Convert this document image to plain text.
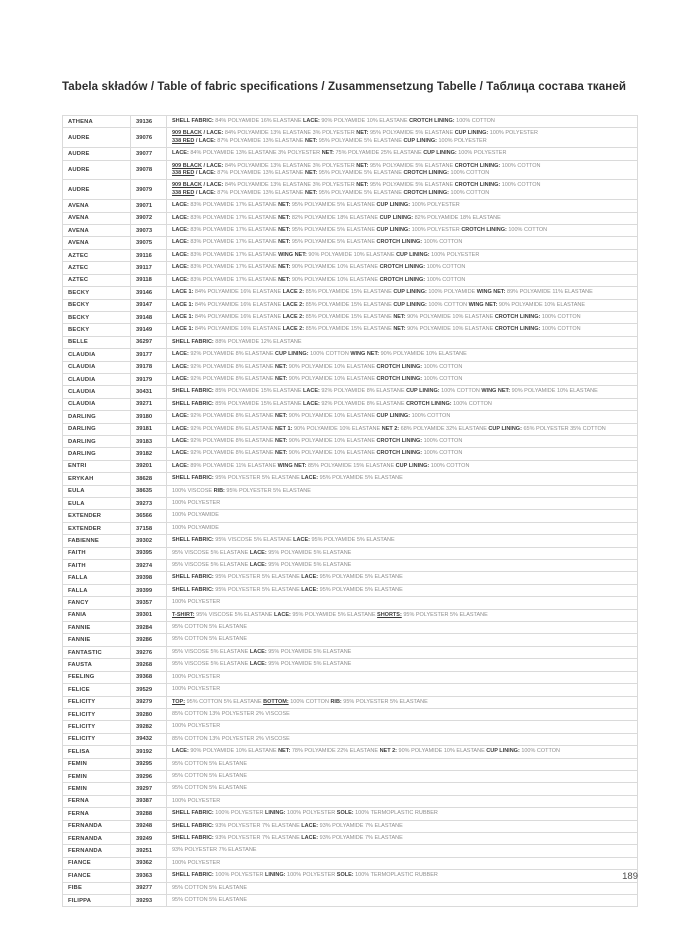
Tabela składów / Table of fabric specifications / Zusammensetzung Tabelle / Таблица состава тканей
ATHENA	39136	SHELL FABRIC: 84% POLYAMIDE 16% ELASTANE LACE: 90% POLYAMIDE 10% ELASTANE CROTCH LINING: 100% COTTON
AUDRE	39076
909 BLACK / LACE: 84% POLYAMIDE 13% ELASTANE 3% POLYESTER NET: 95% POLYAMIDE 5% ELASTANE CUP LINING: 100% POLYESTER
338 RED / LACE: 87% POLYAMIDE 13% ELASTANE NET: 95% POLYAMIDE 5% ELASTANE CUP LINING: 100% POLYESTER
AUDRE	39077	LACE: 84% POLYAMIDE 13% ELASTANE 3% POLYESTER NET: 75% POLYAMIDE 25% ELASTANE CUP LINING: 100% POLYESTER
AUDRE	39078
909 BLACK / LACE: 84% POLYAMIDE 13% ELASTANE 3% POLYESTER NET: 95% POLYAMIDE 5% ELASTANE CROTCH LINING: 100% COTTON
338 RED / LACE: 87% POLYAMIDE 13% ELASTANE NET: 95% POLYAMIDE 5% ELASTANE CROTCH LINING: 100% COTTON
AUDRE	39079
909 BLACK / LACE: 84% POLYAMIDE 13% ELASTANE 3% POLYESTER NET: 95% POLYAMIDE 5% ELASTANE CROTCH LINING: 100% COTTON
338 RED / LACE: 87% POLYAMIDE 13% ELASTANE NET: 95% POLYAMIDE 5% ELASTANE CROTCH LINING: 100% COTTON
AVENA	39071	LACE: 83% POLYAMIDE 17% ELASTANE NET: 95% POLYAMIDE 5% ELASTANE CUP LINING: 100% POLYESTER
AVENA	39072	LACE: 83% POLYAMIDE 17% ELASTANE NET: 82% POLYAMIDE 18% ELASTANE CUP LINING: 82% POLYAMIDE 18% ELASTANE
AVENA	39073	LACE: 83% POLYAMIDE 17% ELASTANE NET: 95% POLYAMIDE 5% ELASTANE CUP LINING: 100% POLYESTER CROTCH LINING: 100% COTTON
AVENA	39075	LACE: 83% POLYAMIDE 17% ELASTANE NET: 95% POLYAMIDE 5% ELASTANE CROTCH LINING: 100% COTTON
AZTEC	39116	LACE: 83% POLYAMIDE 17% ELASTANE WING NET: 90% POLYAMIDE 10% ELASTANE CUP LINING: 100% POLYESTER
AZTEC	39117	LACE: 83% POLYAMIDE 17% ELASTANE NET: 90% POLYAMIDE 10% ELASTANE CROTCH LINING: 100% COTTON
AZTEC	39118	LACE: 83% POLYAMIDE 17% ELASTANE NET: 90% POLYAMIDE 10% ELASTANE CROTCH LINING: 100% COTTON
BECKY	39146	LACE 1: 84% POLYAMIDE 16% ELASTANE LACE 2: 85% POLYAMIDE 15% ELASTANE CUP LINING: 100% POLYAMIDE WING NET: 89% POLYAMIDE 11% ELASTANE
BECKY	39147	LACE 1: 84% POLYAMIDE 16% ELASTANE LACE 2: 85% POLYAMIDE 15% ELASTANE CUP LINING: 100% COTTON WING NET: 90% POLYAMIDE 10% ELASTANE
BECKY	39148	LACE 1: 84% POLYAMIDE 16% ELASTANE LACE 2: 85% POLYAMIDE 15% ELASTANE NET: 90% POLYAMIDE 10% ELASTANE CROTCH LINING: 100% COTTON
BECKY	39149	LACE 1: 84% POLYAMIDE 16% ELASTANE LACE 2: 85% POLYAMIDE 15% ELASTANE NET: 90% POLYAMIDE 10% ELASTANE CROTCH LINING: 100% COTTON
BELLE	36297	SHELL FABRIC: 88% POLYAMIDE 12% ELASTANE
CLAUDIA	39177	LACE: 92% POLYAMIDE 8% ELASTANE CUP LINING: 100% COTTON WING NET: 90% POLYAMIDE 10% ELASTANE
CLAUDIA	39178	LACE: 92% POLYAMIDE 8% ELASTANE NET: 90% POLYAMIDE 10% ELASTANE CROTCH LINING: 100% COTTON
CLAUDIA	39179	LACE: 92% POLYAMIDE 8% ELASTANE NET: 90% POLYAMIDE 10% ELASTANE CROTCH LINING: 100% COTTON
CLAUDIA	30431	SHELL FABRIC: 85% POLYAMIDE 15% ELASTANE LACE: 92% POLYAMIDE 8% ELASTANE CUP LINING: 100% COTTON WING NET: 90% POLYAMIDE 10% ELASTANE
CLAUDIA	39271	SHELL FABRIC: 85% POLYAMIDE 15% ELASTANE LACE: 92% POLYAMIDE 8% ELASTANE CROTCH LINING: 100% COTTON
DARLING	39180	LACE: 92% POLYAMIDE 8% ELASTANE NET: 90% POLYAMIDE 10% ELASTANE CUP LINING: 100% COTTON
DARLING	39181	LACE: 92% POLYAMIDE 8% ELASTANE NET 1: 90% POLYAMIDE 10% ELASTANE NET 2: 68% POLYAMIDE 32% ELASTANE CUP LINING: 65% POLYESTER 35% COTTON
DARLING	39183	LACE: 92% POLYAMIDE 8% ELASTANE NET: 90% POLYAMIDE 10% ELASTANE CROTCH LINING: 100% COTTON
DARLING	39182	LACE: 92% POLYAMIDE 8% ELASTANE NET: 90% POLYAMIDE 10% ELASTANE CROTCH LINING: 100% COTTON
ENTRI	39201	LACE: 89% POLYAMIDE 11% ELASTANE WING NET: 85% POLYAMIDE 15% ELASTANE CUP LINING: 100% COTTON
ERYKAH	38628	SHELL FABRIC: 95% POLYESTER 5% ELASTANE LACE: 95% POLYAMIDE 5% ELASTANE
EULA	38635	100% VISCOSE RIB: 95% POLYESTER 5% ELASTANE
EULA	39273	100% POLYESTER
EXTENDER	36566	100% POLYAMIDE
EXTENDER	37158	100% POLYAMIDE
FABIENNE	39302	SHELL FABRIC: 95% VISCOSE 5% ELASTANE LACE: 95% POLYAMIDE 5% ELASTANE
FAITH	39395	95% VISCOSE 5% ELASTANE LACE: 95% POLYAMIDE 5% ELASTANE
FAITH	39274	95% VISCOSE 5% ELASTANE LACE: 95% POLYAMIDE 5% ELASTANE
FALLA	39398	SHELL FABRIC: 95% POLYESTER 5% ELASTANE LACE: 95% POLYAMIDE 5% ELASTANE
FALLA	39399	SHELL FABRIC: 95% POLYESTER 5% ELASTANE LACE: 95% POLYAMIDE 5% ELASTANE
FANCY	39357	100% POLYESTER
FANIA	39301	T-SHIRT: 95% VISCOSE 5% ELASTANE LACE: 95% POLYAMIDE 5% ELASTANE SHORTS: 95% POLYESTER 5% ELASTANE
FANNIE	39284	95% COTTON 5% ELASTANE
FANNIE	39286	95% COTTON 5% ELASTANE
FANTASTIC	39276	95% VISCOSE 5% ELASTANE LACE: 95% POLYAMIDE 5% ELASTANE
FAUSTA	39268	95% VISCOSE 5% ELASTANE LACE: 95% POLYAMIDE 5% ELASTANE
FEELING	39368	100% POLYESTER
FELICE	39529	100% POLYESTER
FELICITY	39279	TOP: 95% COTTON 5% ELASTANE BOTTOM: 100% COTTON RIB: 95% POLYESTER 5% ELASTANE
FELICITY	39280	85% COTTON 13% POLYESTER 2% VISCOSE
FELICITY	39282	100% POLYESTER
FELICITY	39432	85% COTTON 13% POLYESTER 2% VISCOSE
FELISA	39192	LACE: 90% POLYAMIDE 10% ELASTANE NET: 78% POLYAMIDE 22% ELASTANE NET 2: 90% POLYAMIDE 10% ELASTANE CUP LINING: 100% COTTON
FEMIN	39295	95% COTTON 5% ELASTANE
FEMIN	39296	95% COTTON 5% ELASTANE
FEMIN	39297	95% COTTON 5% ELASTANE
FERNA	39387	100% POLYESTER
FERNA	39288	SHELL FABRIC: 100% POLYESTER LINING: 100% POLYESTER SOLE: 100% TERMOPLASTIC RUBBER
FERNANDA	39248	SHELL FABRIC: 93% POLYESTER 7% ELASTANE LACE: 93% POLYAMIDE 7% ELASTANE
FERNANDA	39249	SHELL FABRIC: 93% POLYESTER 7% ELASTANE LACE: 93% POLYAMIDE 7% ELASTANE
FERNANDA	39251	93% POLYESTER 7% ELASTANE
FIANCE	39362	100% POLYESTER
FIANCE	39363	SHELL FABRIC: 100% POLYESTER LINING: 100% POLYESTER SOLE: 100% TERMOPLASTIC RUBBER
FIBE	39277	95% COTTON 5% ELASTANE
FILIPPA	39293	95% COTTON 5% ELASTANE
189
